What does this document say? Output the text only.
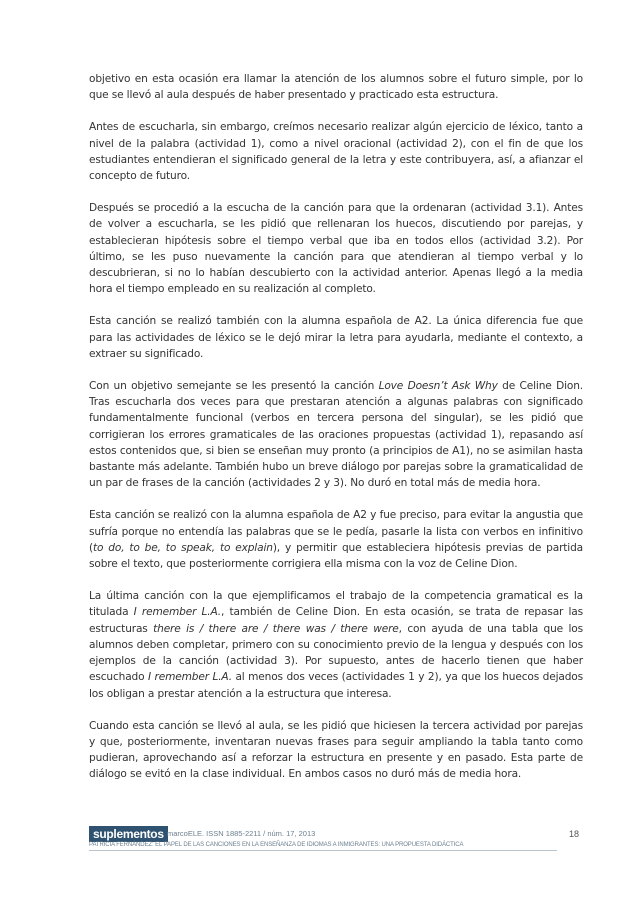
objetivo en esta ocasión era llamar la atención de los alumnos sobre el futuro simple, por lo que se llevó al aula después de haber presentado y practicado esta estructura.

Antes de escucharla, sin embargo, creímos necesario realizar algún ejercicio de léxico, tanto a nivel de la palabra (actividad 1), como a nivel oracional (actividad 2), con el fin de que los estudiantes entendieran el significado general de la letra y este contribuyera, así, a afianzar el concepto de futuro.

Después se procedió a la escucha de la canción para que la ordenaran (actividad 3.1). Antes de volver a escucharla, se les pidió que rellenaran los huecos, discutiendo por parejas, y establecieran hipótesis sobre el tiempo verbal que iba en todos ellos (actividad 3.2). Por último, se les puso nuevamente la canción para que atendieran al tiempo verbal y lo descubrieran, si no lo habían descubierto con la actividad anterior. Apenas llegó a la media hora el tiempo empleado en su realización al completo.

Esta canción se realizó también con la alumna española de A2. La única diferencia fue que para las actividades de léxico se le dejó mirar la letra para ayudarla, mediante el contexto, a extraer su significado.

Con un objetivo semejante se les presentó la canción Love Doesn’t Ask Why de Celine Dion. Tras escucharla dos veces para que prestaran atención a algunas palabras con significado fundamentalmente funcional (verbos en tercera persona del singular), se les pidió que corrigieran los errores gramaticales de las oraciones propuestas (actividad 1), repasando así estos contenidos que, si bien se enseñan muy pronto (a principios de A1), no se asimilan hasta bastante más adelante. También hubo un breve diálogo por parejas sobre la gramaticalidad de un par de frases de la canción (actividades 2 y 3). No duró en total más de media hora.

Esta canción se realizó con la alumna española de A2 y fue preciso, para evitar la angustia que sufría porque no entendía las palabras que se le pedía, pasarle la lista con verbos en infinitivo (to do, to be, to speak, to explain), y permitir que estableciera hipótesis previas de partida sobre el texto, que posteriormente corrigiera ella misma con la voz de Celine Dion.

La última canción con la que ejemplificamos el trabajo de la competencia gramatical es la titulada I remember L.A., también de Celine Dion. En esta ocasión, se trata de repasar las estructuras there is / there are / there was / there were, con ayuda de una tabla que los alumnos deben completar, primero con su conocimiento previo de la lengua y después con los ejemplos de la canción (actividad 3). Por supuesto, antes de hacerlo tienen que haber escuchado I remember L.A. al menos dos veces (actividades 1 y 2), ya que los huecos dejados los obligan a prestar atención a la estructura que interesa.

Cuando esta canción se llevó al aula, se les pidió que hiciesen la tercera actividad por parejas y que, posteriormente, inventaran nuevas frases para seguir ampliando la tabla tanto como pudieran, aprovechando así a reforzar la estructura en presente y en pasado. Esta parte de diálogo se evitó en la clase individual. En ambos casos no duró más de media hora.

suplementos marcoELE. ISSN 1885-2211 / núm. 17, 2013
PATRICIA FERNÁNDEZ: EL PAPEL DE LAS CANCIONES EN LA ENSEÑANZA DE IDIOMAS A INMIGRANTES: UNA PROPUESTA DIDÁCTICA
18
